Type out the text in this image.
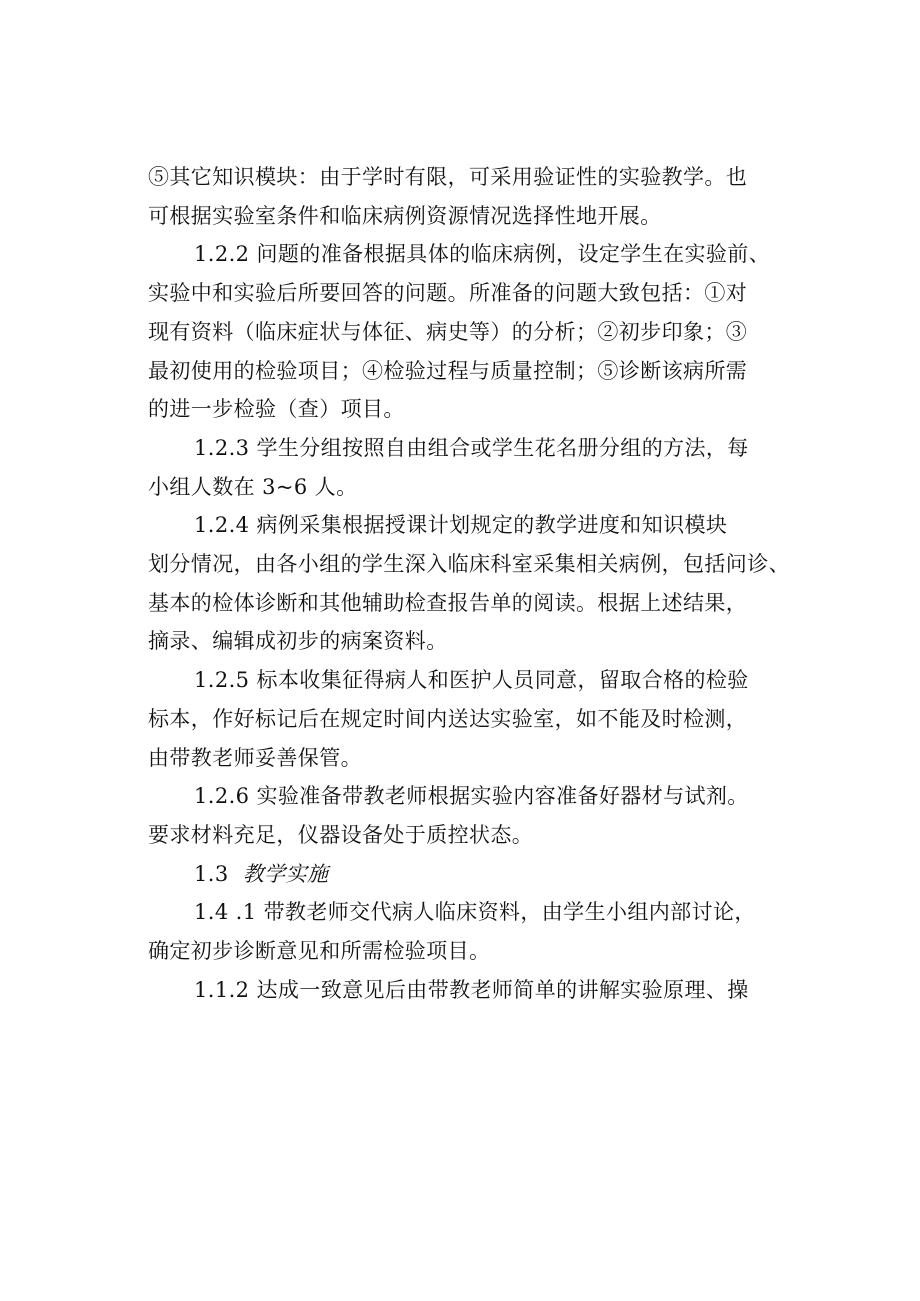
⑤其它知识模块：由于学时有限，可采用验证性的实验教学。也
可根据实验室条件和临床病例资源情况选择性地开展。

1.2.2 问题的准备根据具体的临床病例，设定学生在实验前、
实验中和实验后所要回答的问题。所准备的问题大致包括：①对
现有资料（临床症状与体征、病史等）的分析；②初步印象；③
最初使用的检验项目；④检验过程与质量控制；⑤诊断该病所需
的进一步检验（查）项目。

1.2.3 学生分组按照自由组合或学生花名册分组的方法，每
小组人数在 3~6 人。

1.2.4 病例采集根据授课计划规定的教学进度和知识模块
划分情况，由各小组的学生深入临床科室采集相关病例，包括问诊、
基本的检体诊断和其他辅助检查报告单的阅读。根据上述结果，
摘录、编辑成初步的病案资料。

1.2.5 标本收集征得病人和医护人员同意，留取合格的检验
标本，作好标记后在规定时间内送达实验室，如不能及时检测，
由带教老师妥善保管。

1.2.6 实验准备带教老师根据实验内容准备好器材与试剂。
要求材料充足，仪器设备处于质控状态。

1.3 教学实施

1.4 .1 带教老师交代病人临床资料，由学生小组内部讨论，
确定初步诊断意见和所需检验项目。

1.1.2 达成一致意见后由带教老师简单的讲解实验原理、操
